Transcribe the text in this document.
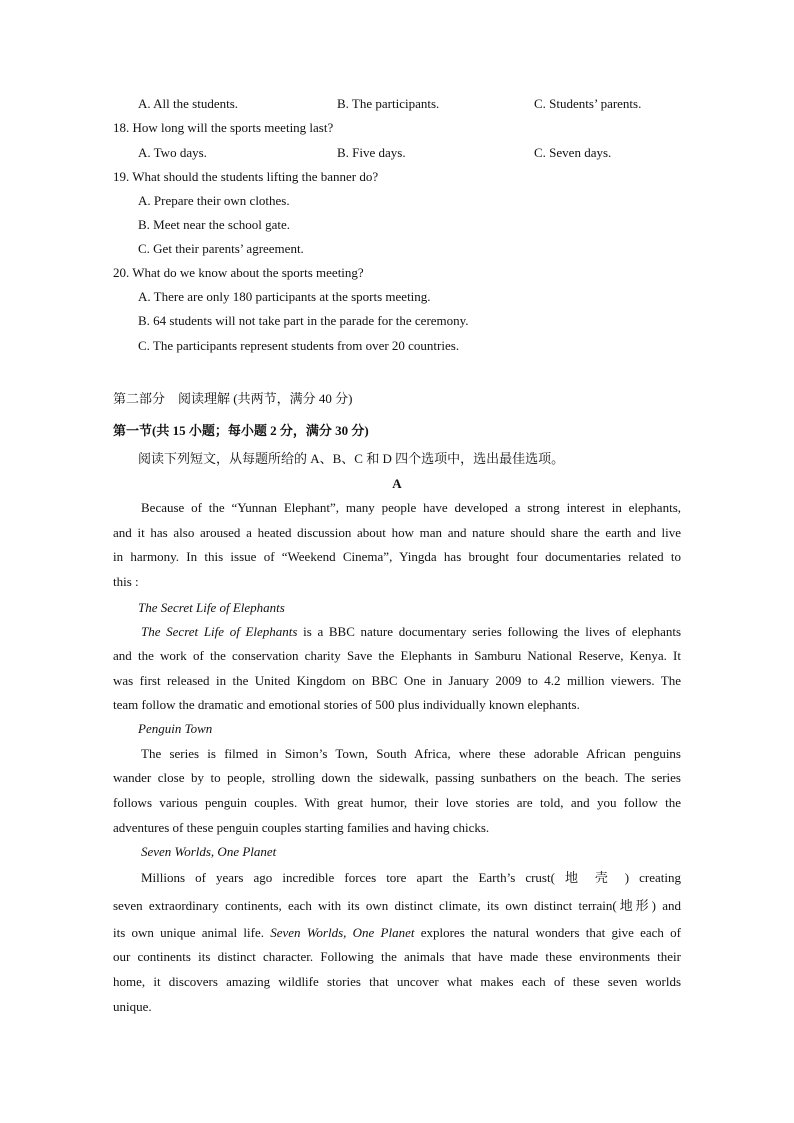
A. All the students.	B. The participants.	C. Students’ parents.
18. How long will the sports meeting last?
A. Two days.	B. Five days.	C. Seven days.
19. What should the students lifting the banner do?
A. Prepare their own clothes.
B. Meet near the school gate.
C. Get their parents’ agreement.
20. What do we know about the sports meeting?
A. There are only 180 participants at the sports meeting.
B. 64 students will not take part in the parade for the ceremony.
C. The participants represent students from over 20 countries.
第二部分　阅读理解 (共两节，满分 40 分)
第一节(共 15 小题；每小题 2 分，满分 30 分)
阅读下列短文，从每题所给的 A、B、C 和 D 四个选项中，选出最佳选项。
A
Because of the “Yunnan Elephant”, many people have developed a strong interest in elephants,
and it has also aroused a heated discussion about how man and nature should share the earth and live
in harmony. In this issue of “Weekend Cinema”, Yingda has brought four documentaries related to
this :
The Secret Life of Elephants
The Secret Life of Elephants is a BBC nature documentary series following the lives of elephants
and the work of the conservation charity Save the Elephants in Samburu National Reserve, Kenya. It
was first released in the United Kingdom on BBC One in January 2009 to 4.2 million viewers. The
team follow the dramatic and emotional stories of 500 plus individually known elephants.
Penguin Town
The series is filmed in Simon’s Town, South Africa, where these adorable African penguins
wander close by to people, strolling down the sidewalk, passing sunbathers on the beach. The series
follows various penguin couples. With great humor, their love stories are told, and you follow the
adventures of these penguin couples starting families and having chicks.
Seven Worlds, One Planet
Millions of years ago incredible forces tore apart the Earth’s crust( 地 壳 ) creating
seven extraordinary continents, each with its own distinct climate, its own distinct terrain(地形) and
its own unique animal life. Seven Worlds, One Planet explores the natural wonders that give each of
our continents its distinct character. Following the animals that have made these environments their
home, it discovers amazing wildlife stories that uncover what makes each of these seven worlds
unique.
